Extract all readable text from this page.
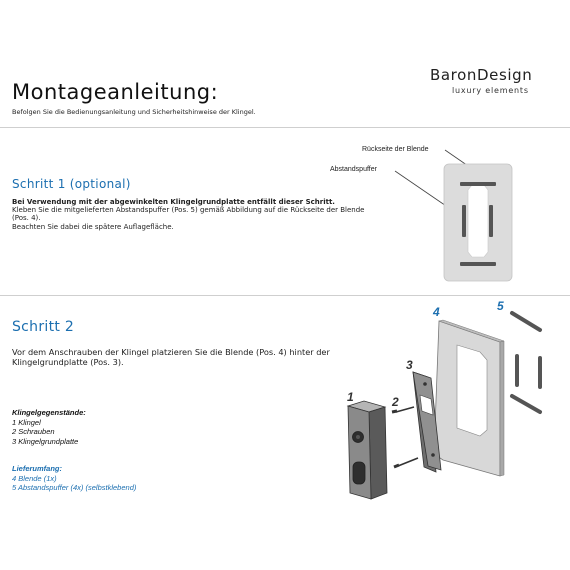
Montageanleitung:
BaronDesign
luxury elements
Befolgen Sie die Bedienungsanleitung und Sicherheitshinweise der Klingel.
Schritt 1 (optional)
Bei Verwendung mit der abgewinkelten Klingelgrundplatte entfällt dieser Schritt.
Kleben Sie die mitgelieferten Abstandspuffer (Pos. 5) gemäß Abbildung auf die Rückseite der Blende (Pos. 4).
Beachten Sie dabei die spätere Auflagefläche.
Rückseite der Blende
Abstandspuffer
Schritt 2
Vor dem Anschrauben der Klingel platzieren Sie die Blende (Pos. 4) hinter der Klingelgrundplatte (Pos. 3).
Klingelgegenstände:
1 Klingel
2 Schrauben
3 Klingelgrundplatte
Lieferumfang:
4 Blende (1x)
5 Abstandspuffer (4x) (selbstklebend)
1	2
3
4	5
